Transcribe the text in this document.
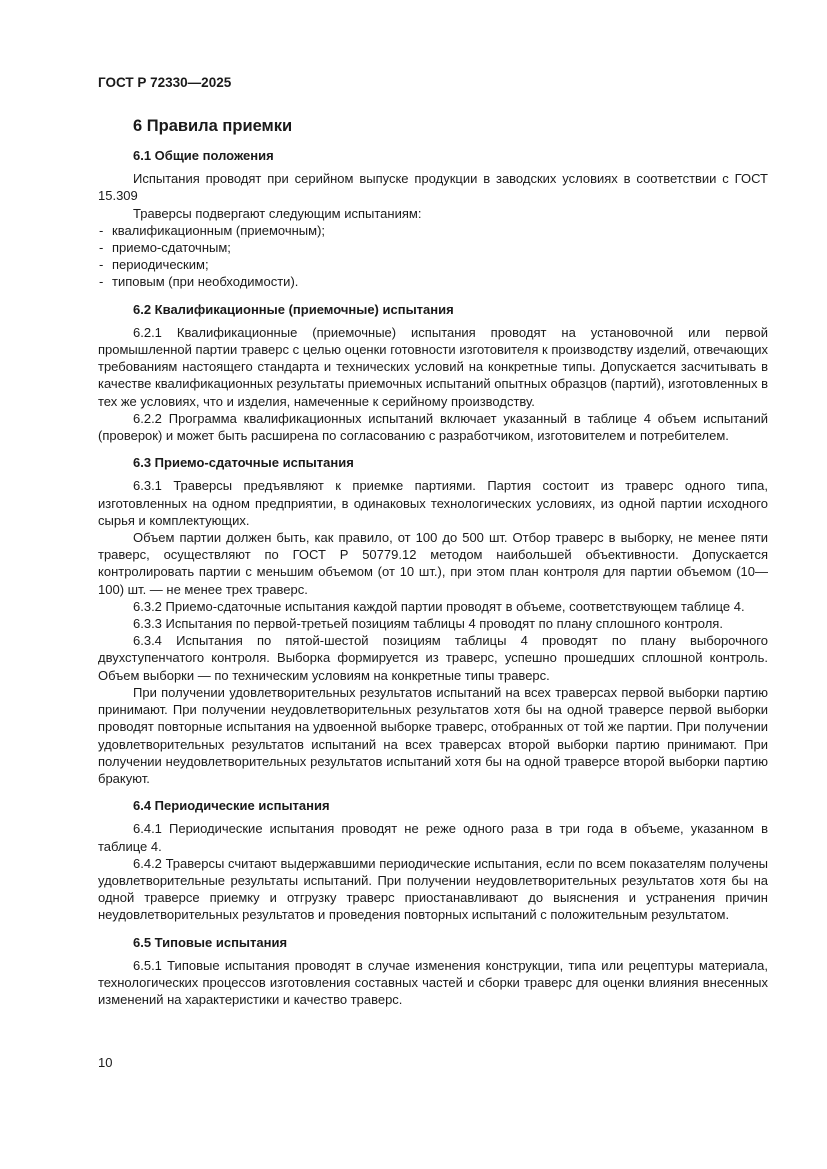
ГОСТ Р 72330—2025
6 Правила приемки
6.1 Общие положения

Испытания проводят при серийном выпуске продукции в заводских условиях в соответствии с ГОСТ 15.309

Траверсы подвергают следующим испытаниям:

- квалификационным (приемочным);
- приемо-сдаточным;
- периодическим;
- типовым (при необходимости).
6.2 Квалификационные (приемочные) испытания

6.2.1 Квалификационные (приемочные) испытания проводят на установочной или первой промышленной партии траверс с целью оценки готовности изготовителя к производству изделий, отвечающих требованиям настоящего стандарта и технических условий на конкретные типы. Допускается засчитывать в качестве квалификационных результаты приемочных испытаний опытных образцов (партий), изготовленных в тех же условиях, что и изделия, намеченные к серийному производству.

6.2.2 Программа квалификационных испытаний включает указанный в таблице 4 объем испытаний (проверок) и может быть расширена по согласованию с разработчиком, изготовителем и потребителем.

6.3 Приемо-сдаточные испытания

6.3.1 Траверсы предъявляют к приемке партиями. Партия состоит из траверс одного типа, изготовленных на одном предприятии, в одинаковых технологических условиях, из одной партии исходного сырья и комплектующих.

Объем партии должен быть, как правило, от 100 до 500 шт. Отбор траверс в выборку, не менее пяти траверс, осуществляют по ГОСТ Р 50779.12 методом наибольшей объективности. Допускается контролировать партии с меньшим объемом (от 10 шт.), при этом план контроля для партии объемом (10—100) шт. — не менее трех траверс.

6.3.2 Приемо-сдаточные испытания каждой партии проводят в объеме, соответствующем таблице 4.

6.3.3 Испытания по первой-третьей позициям таблицы 4 проводят по плану сплошного контроля.

6.3.4 Испытания по пятой-шестой позициям таблицы 4 проводят по плану выборочного двухступенчатого контроля. Выборка формируется из траверс, успешно прошедших сплошной контроль. Объем выборки — по техническим условиям на конкретные типы траверс.

При получении удовлетворительных результатов испытаний на всех траверсах первой выборки партию принимают. При получении неудовлетворительных результатов хотя бы на одной траверсе первой выборки проводят повторные испытания на удвоенной выборке траверс, отобранных от той же партии. При получении удовлетворительных результатов испытаний на всех траверсах второй выборки партию принимают. При получении неудовлетворительных результатов испытаний хотя бы на одной траверсе второй выборки партию бракуют.

6.4 Периодические испытания

6.4.1 Периодические испытания проводят не реже одного раза в три года в объеме, указанном в таблице 4.

6.4.2 Траверсы считают выдержавшими периодические испытания, если по всем показателям получены удовлетворительные результаты испытаний. При получении неудовлетворительных результатов хотя бы на одной траверсе приемку и отгрузку траверс приостанавливают до выяснения и устранения причин неудовлетворительных результатов и проведения повторных испытаний с положительным результатом.

6.5 Типовые испытания

6.5.1 Типовые испытания проводят в случае изменения конструкции, типа или рецептуры материала, технологических процессов изготовления составных частей и сборки траверс для оценки влияния внесенных изменений на характеристики и качество траверс.

10
